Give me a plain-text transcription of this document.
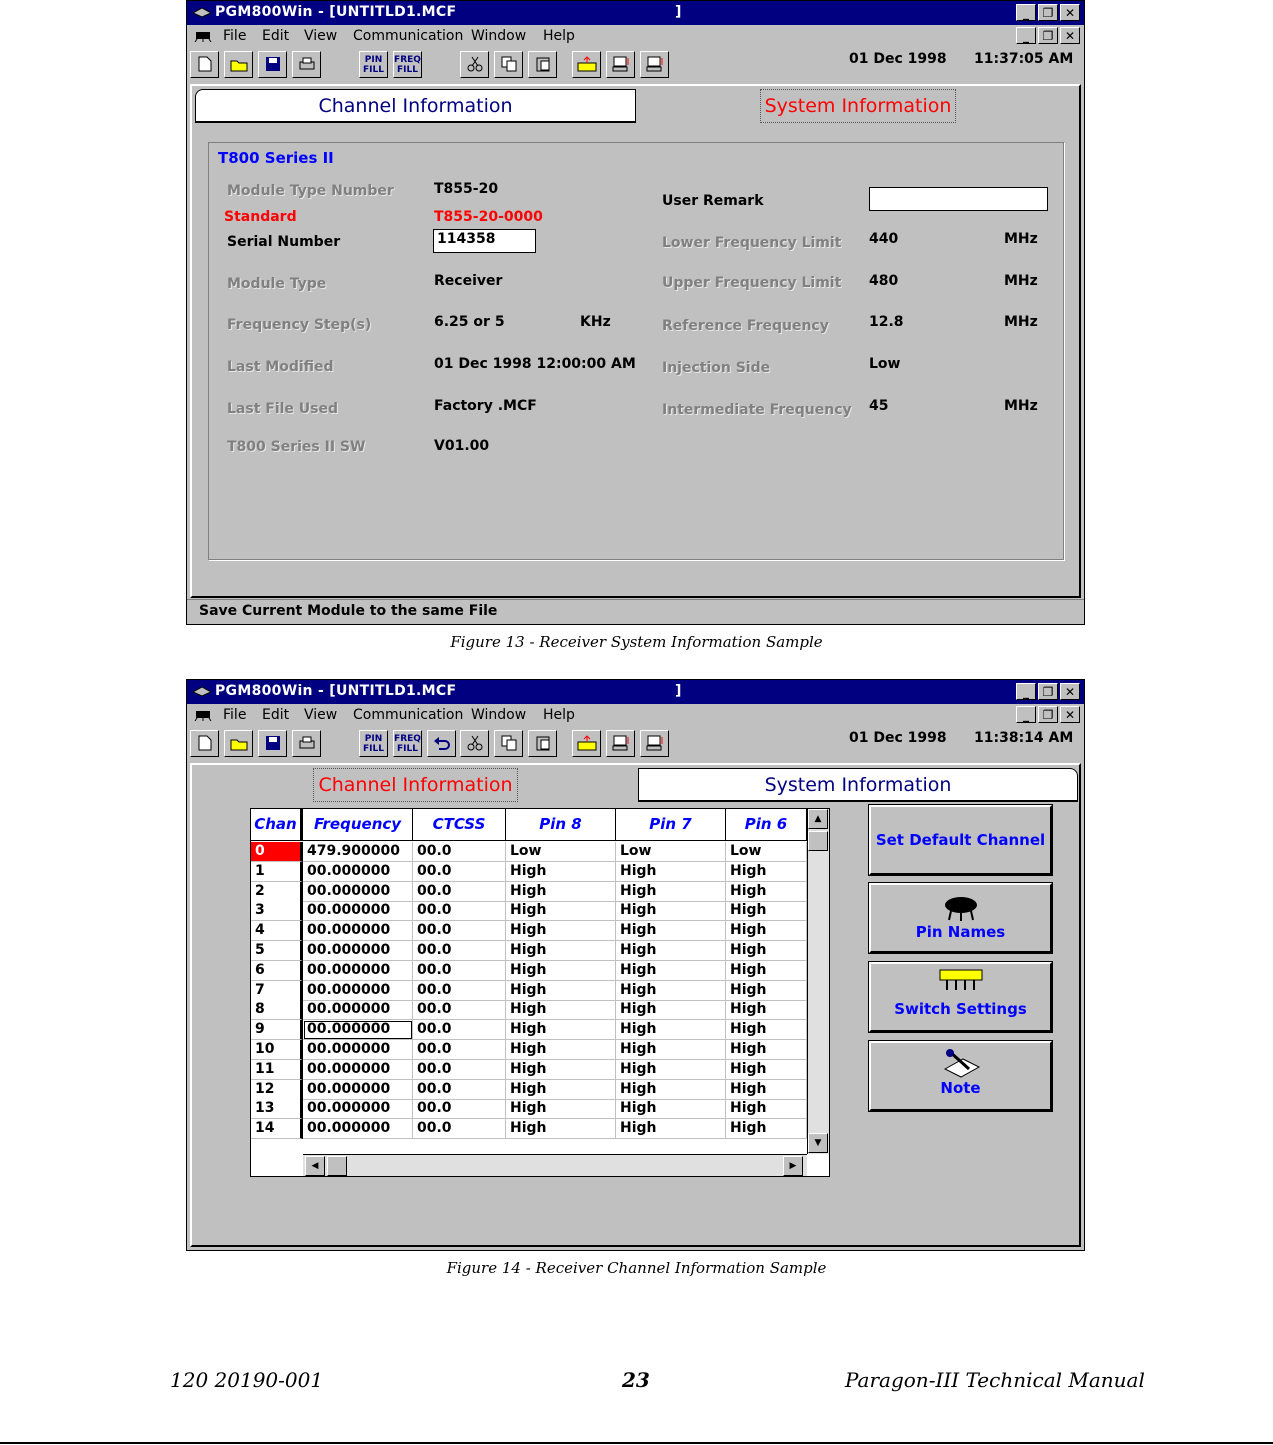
PGM800Win - [UNTITLD1.MCF	]	_	❐ ✕
File Edit View Communication Window Help	_	❐ ✕
PIN
FILL
FREQ
FILL
01 Dec 1998 11:37:05 AM
Channel Information	System Information
T800 Series II
Module Type Number	T855-20
Standard	T855-20-0000
Serial Number	114358
Module Type	Receiver
Frequency Step(s)	6.25 or 5	KHz
Last Modified	01 Dec 1998 12:00:00 AM
Last File Used	Factory .MCF
T800 Series II SW	V01.00
User Remark
Lower Frequency Limit 440	MHz
Upper Frequency Limit 480	MHz
Reference Frequency	12.8	MHz
Injection Side	Low
Intermediate Frequency 45	MHz
Save Current Module to the same File
Figure 13 - Receiver System Information Sample
PGM800Win - [UNTITLD1.MCF	]	_	❐ ✕
File Edit View Communication Window Help	_	❐ ✕
PIN
FILL
FREQ
FILL
01 Dec 1998 11:38:14 AM
Channel Information	System Information
Chan	Frequency	CTCSS	Pin 8	Pin 7	Pin 6
0	479.900000	00.0	Low	Low	Low
1	00.000000	00.0	High	High	High
2	00.000000	00.0	High	High	High
3	00.000000	00.0	High	High	High
4	00.000000	00.0	High	High	High
5	00.000000	00.0	High	High	High
6	00.000000	00.0	High	High	High
7	00.000000	00.0	High	High	High
8	00.000000	00.0	High	High	High
9	00.000000	00.0	High	High	High
10	00.000000	00.0	High	High	High
11	00.000000	00.0	High	High	High
12	00.000000	00.0	High	High	High
13	00.000000	00.0	High	High	High
14	00.000000	00.0	High	High	High
▲
▼
◀	▶
Set Default Channel
Pin Names
Switch Settings
Note
Figure 14 - Receiver Channel Information Sample
120 20190-001	23	Paragon-III Technical Manual
